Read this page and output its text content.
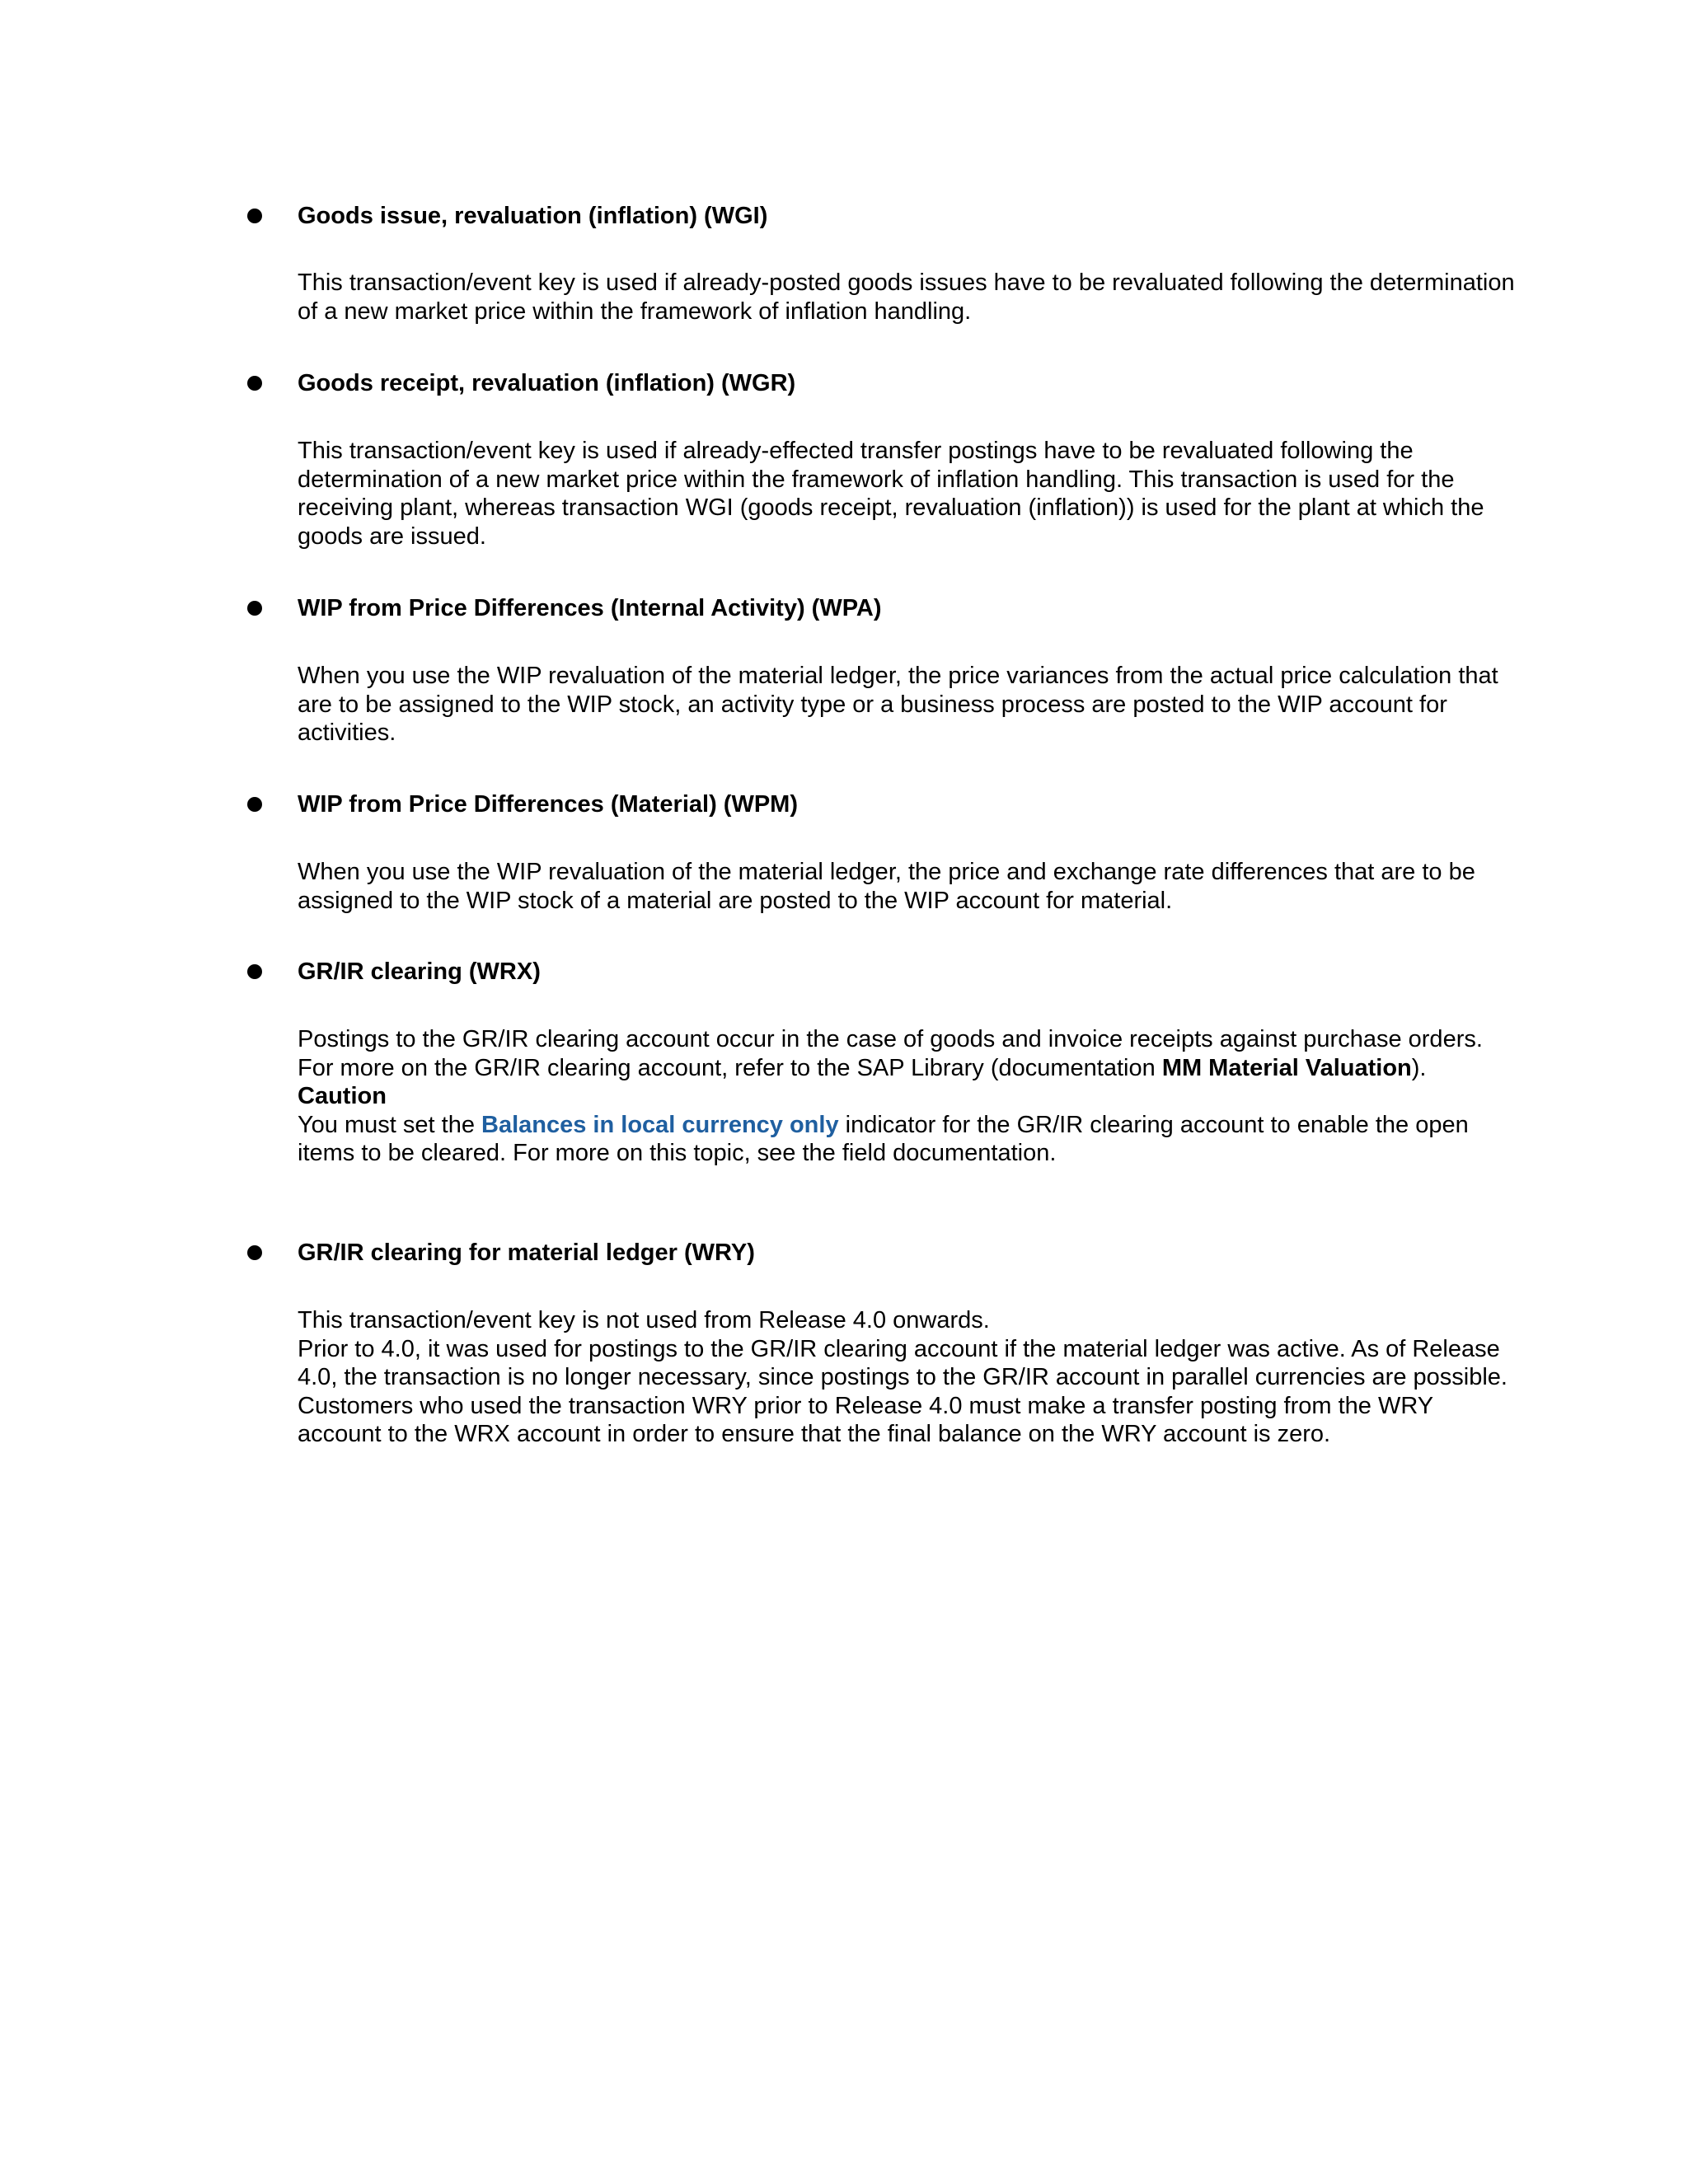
Goods issue, revaluation (inflation) (WGI)

This transaction/event key is used if already-posted goods issues have to be revaluated following the determination of a new market price within the framework of inflation handling.

Goods receipt, revaluation (inflation) (WGR)

This transaction/event key is used if already-effected transfer postings have to be revaluated following the determination of a new market price within the framework of inflation handling. This transaction is used for the receiving plant, whereas transaction WGI (goods receipt, revaluation (inflation)) is used for the plant at which the goods are issued.

WIP from Price Differences (Internal Activity) (WPA)

When you use the WIP revaluation of the material ledger, the price variances from the actual price calculation that are to be assigned to the WIP stock, an activity type or a business process are posted to the WIP account for activities.

WIP from Price Differences (Material) (WPM)

When you use the WIP revaluation of the material ledger, the price and exchange rate differences that are to be assigned to the WIP stock of a material are posted to the WIP account for material.

GR/IR clearing (WRX)

Postings to the GR/IR clearing account occur in the case of goods and invoice receipts against purchase orders. For more on the GR/IR clearing account, refer to the SAP Library (documentation MM Material Valuation).

Caution

You must set the Balances in local currency only indicator for the GR/IR clearing account to enable the open items to be cleared. For more on this topic, see the field documentation.

GR/IR clearing for material ledger (WRY)

This transaction/event key is not used from Release 4.0 onwards.

Prior to 4.0, it was used for postings to the GR/IR clearing account if the material ledger was active. As of Release 4.0, the transaction is no longer necessary, since postings to the GR/IR account in parallel currencies are possible.

Customers who used the transaction WRY prior to Release 4.0 must make a transfer posting from the WRY account to the WRX account in order to ensure that the final balance on the WRY account is zero.
